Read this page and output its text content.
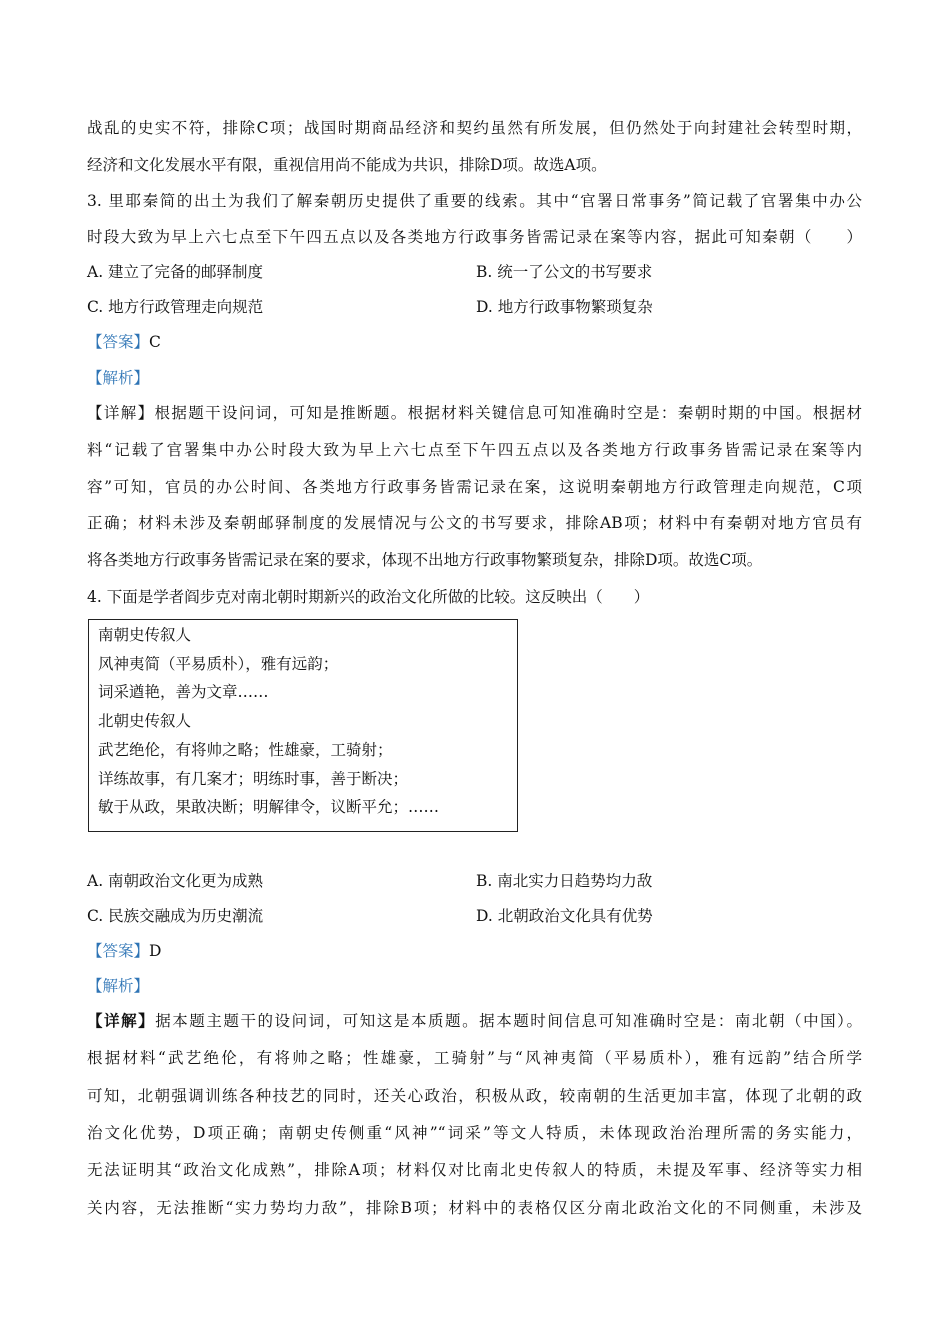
战乱的史实不符，排除C项；战国时期商品经济和契约虽然有所发展，但仍然处于向封建社会转型时期，
经济和文化发展水平有限，重视信用尚不能成为共识，排除D项。故选A项。
3. 里耶秦简的出土为我们了解秦朝历史提供了重要的线索。其中“官署日常事务”简记载了官署集中办公
时段大致为早上六七点至下午四五点以及各类地方行政事务皆需记录在案等内容，据此可知秦朝（　　）
A. 建立了完备的邮驿制度	B. 统一了公文的书写要求
C. 地方行政管理走向规范	D. 地方行政事物繁琐复杂
【答案】C
【解析】
【详解】根据题干设问词，可知是推断题。根据材料关键信息可知准确时空是：秦朝时期的中国。根据材
料“记载了官署集中办公时段大致为早上六七点至下午四五点以及各类地方行政事务皆需记录在案等内
容”可知，官员的办公时间、各类地方行政事务皆需记录在案，这说明秦朝地方行政管理走向规范，C项
正确；材料未涉及秦朝邮驿制度的发展情况与公文的书写要求，排除AB项；材料中有秦朝对地方官员有
将各类地方行政事务皆需记录在案的要求，体现不出地方行政事物繁琐复杂，排除D项。故选C项。
4. 下面是学者阎步克对南北朝时期新兴的政治文化所做的比较。这反映出（　　）
南朝史传叙人
风神夷简（平易质朴），雅有远韵；
词采遒艳，善为文章……
北朝史传叙人
武艺绝伦，有将帅之略；性雄豪，工骑射；
详练故事，有几案才；明练时事，善于断决；
敏于从政，果敢决断；明解律令，议断平允；……
A. 南朝政治文化更为成熟	B. 南北实力日趋势均力敌
C. 民族交融成为历史潮流	D. 北朝政治文化具有优势
【答案】D
【解析】
【详解】据本题主题干的设问词，可知这是本质题。据本题时间信息可知准确时空是：南北朝（中国）。
根据材料“武艺绝伦，有将帅之略；性雄豪，工骑射”与“风神夷简（平易质朴），雅有远韵”结合所学
可知，北朝强调训练各种技艺的同时，还关心政治，积极从政，较南朝的生活更加丰富，体现了北朝的政
治文化优势，D项正确；南朝史传侧重“风神”“词采”等文人特质，未体现政治治理所需的务实能力，
无法证明其“政治文化成熟”，排除A项；材料仅对比南北史传叙人的特质，未提及军事、经济等实力相
关内容，无法推断“实力势均力敌”，排除B项；材料中的表格仅区分南北政治文化的不同侧重，未涉及
